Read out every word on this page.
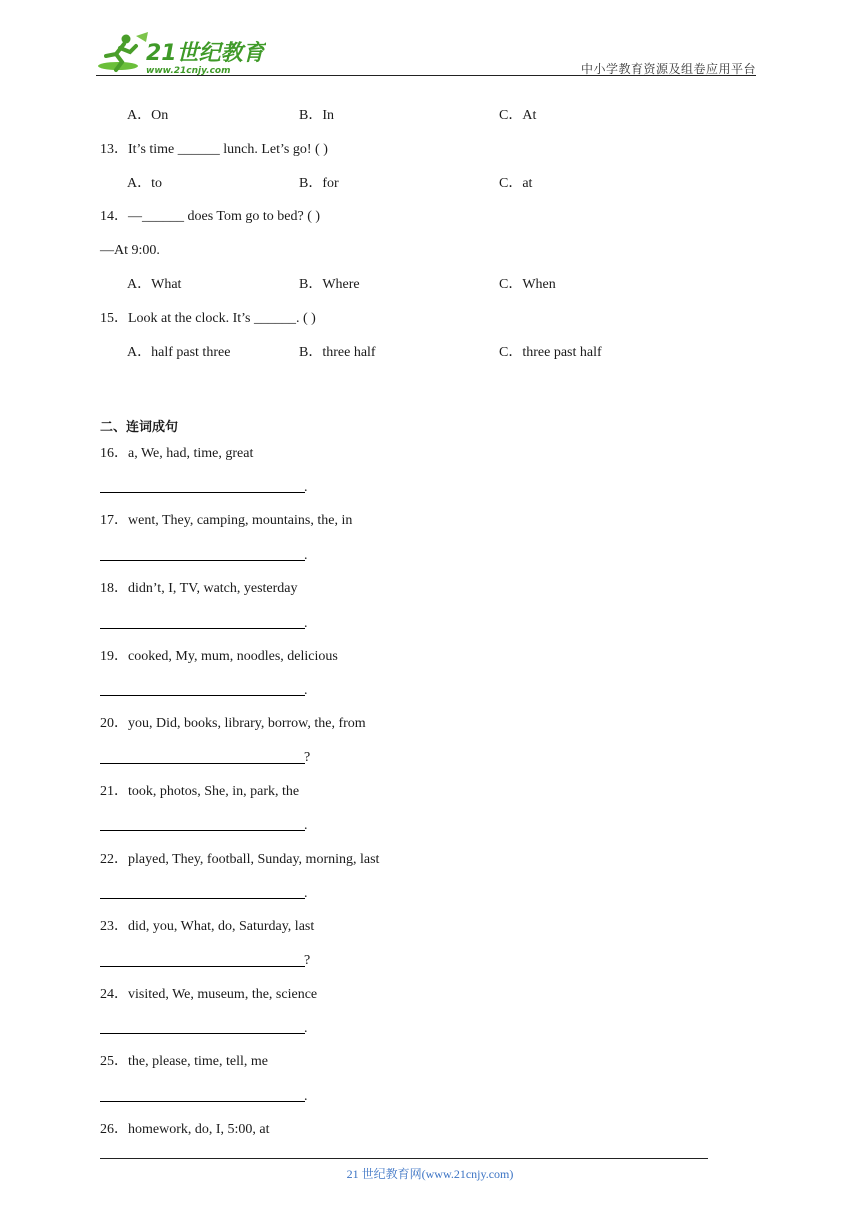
21世纪教育
www.21cnjy.com	中小学教育资源及组卷应用平台
A．On	B．In	C．At
13．It’s time ______ lunch. Let’s go! ( )
A．to	B．for	C．at
14．—______ does Tom go to bed? ( )
—At 9:00.
A．What	B．Where	C．When
15．Look at the clock. It’s ______. ( )
A．half past three	B．three half	C．three past half
二、连词成句
16．a, We, had, time, great
.
17．went, They, camping, mountains, the, in
.
18．didn’t, I, TV, watch, yesterday
.
19．cooked, My, mum, noodles, delicious
.
20．you, Did, books, library, borrow, the, from
?
21．took, photos, She, in, park, the
.
22．played, They, football, Sunday, morning, last
.
23．did, you, What, do, Saturday, last
?
24．visited, We, museum, the, science
.
25．the, please, time, tell, me
.
26．homework, do, I, 5:00, at
21 世纪教育网(www.21cnjy.com)
